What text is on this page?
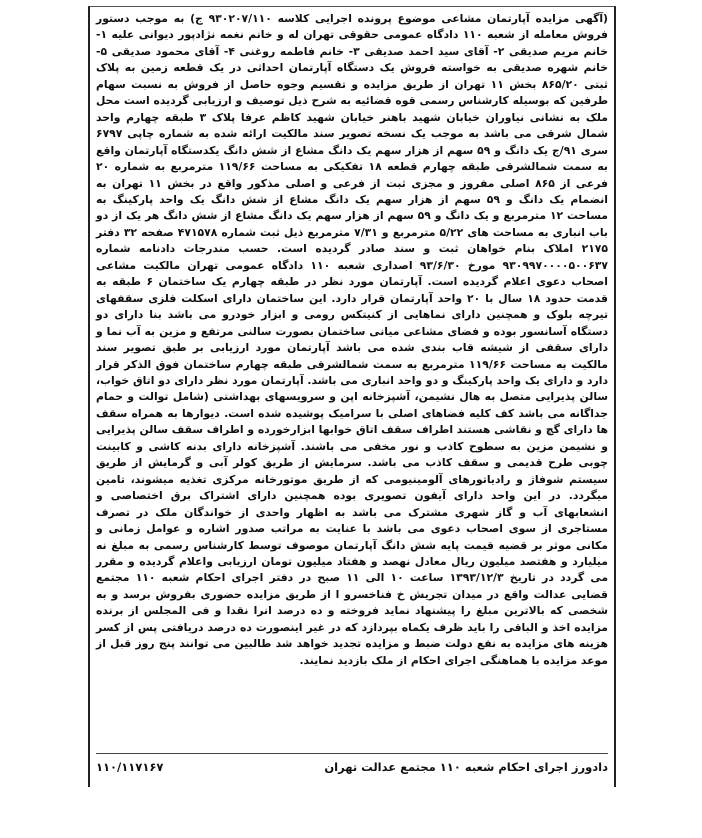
(آگهی مزایده آپارتمان مشاعی موضوع پرونده اجرایی کلاسه ۹۳۰۲۰۷/۱۱۰ ج) به موجب دستور فروش معامله از شعبه ۱۱۰ دادگاه عمومی حقوقی تهران له و خانم نغمه نژادپور دیوانی علیه ۱- خانم مریم صدیقی ۲- آقای سید احمد صدیقی ۳- خانم فاطمه روغنی ۴- آقای محمود صدیقی ۵- خانم شهره صدیقی به خواسته فروش یک دستگاه آپارتمان احداثی در یک قطعه زمین به پلاک ثبتی ۸۶۵/۲۰ بخش ۱۱ تهران از طریق مزایده و تقسیم وجوه حاصل از فروش به نسبت سهام طرفین که بوسیله کارشناس رسمی قوه قضائیه به شرح ذیل توصیف و ارزیابی گردیده است محل ملک به نشانی نیاوران خیابان شهید باهنر خیابان شهید کاظم عرفا پلاک ۳ طبقه چهارم واحد شمال شرقی می باشد به موجب یک نسخه تصویر سند مالکیت ارائه شده به شماره چاپی ۶۷۹۷ سری ۹۱/ج یک دانگ و ۵۹ سهم از هزار سهم یک دانگ مشاع از شش دانگ یکدستگاه آپارتمان واقع به سمت شمالشرقی طبقه چهارم قطعه ۱۸ تفکیکی به مساحت ۱۱۹/۶۶ مترمربع به شماره ۲۰ فرعی از ۸۶۵ اصلی مفروز و مجزی ثبت از فرعی و اصلی مذکور واقع در بخش ۱۱ تهران به انضمام یک دانگ و ۵۹ سهم از هزار سهم یک دانگ مشاع از شش دانگ یک واحد پارکینگ به مساحت ۱۲ مترمربع و یک دانگ و ۵۹ سهم از هزار سهم یک دانگ مشاع از شش دانگ هر یک از دو باب انباری به مساحت های ۵/۲۲ مترمربع و ۷/۳۱ مترمربع ذیل ثبت شماره ۴۷۱۵۷۸ صفحه ۳۲ دفتر ۲۱۷۵ املاک بنام خواهان ثبت و سند صادر گردیده است. حسب مندرجات دادنامه شماره ۹۳۰۹۹۷۰۰۰۰۵۰۰۶۳۷ مورخ ۹۳/۶/۳۰ اصداری شعبه ۱۱۰ دادگاه عمومی تهران مالکیت مشاعی اصحاب دعوی اعلام گردیده است. آپارتمان مورد نظر در طبقه چهارم یک ساختمان ۶ طبقه به قدمت حدود ۱۸ سال با ۲۰ واحد آپارتمان قرار دارد. این ساختمان دارای اسکلت فلزی سقفهای تیرچه بلوک و همچنین دارای نماهایی از کنیتکس رومی و ابزار خودرو می باشد بنا دارای دو دستگاه آسانسور بوده و فضای مشاعی میانی ساختمان بصورت سالنی مرتفع و مزین به آب نما و دارای سقفی از شیشه قاب بندی شده می باشد آپارتمان مورد ارزیابی بر طبق تصویر سند مالکیت به مساحت ۱۱۹/۶۶ مترمربع به سمت شمالشرقی طبقه چهارم ساختمان فوق الذکر قرار دارد و دارای یک واحد پارکینگ و دو واحد انباری می باشد. آپارتمان مورد نظر دارای دو اتاق خواب، سالن پذیرایی متصل به هال نشیمن، آشپزخانه اپن و سرویسهای بهداشتی (شامل توالت و حمام جداگانه می باشد کف کلیه فضاهای اصلی با سرامیک پوشیده شده است. دیوارها به همراه سقف ها دارای گچ و نقاشی هستند اطراف سقف اتاق خوابها ابزارخورده و اطراف سقف سالن پذیرایی و نشیمن مزین به سطوح کاذب و نور مخفی می باشند. آشپزخانه دارای بدنه کاشی و کابینت چوبی طرح قدیمی و سقف کاذب می باشد. سرمایش از طریق کولر آبی و گرمایش از طریق سیستم شوفاژ و رادیاتورهای آلومینیومی که از طریق موتورخانه مرکزی تغذیه میشوند، تامین میگردد. در این واحد دارای آیفون تصویری بوده همچنین دارای اشتراک برق اختصاصی و انشعابهای آب و گاز شهری مشترک می باشد به اظهار واحدی از خواندگان ملک در تصرف مستاجری از سوی اصحاب دعوی می باشد با عنایت به مراتب صدور اشاره و عوامل زمانی و مکانی موثر بر قضیه قیمت پایه شش دانگ آپارتمان موصوف توسط کارشناس رسمی به مبلغ نه میلیارد و هفتصد میلیون ریال معادل نهصد و هفتاد میلیون تومان ارزیابی واعلام گردیده و مقرر می گردد در تاریخ ۱۳۹۳/۱۲/۳ ساعت ۱۰ الی ۱۱ صبح در دفتر اجرای احکام شعبه ۱۱۰ مجتمع قضایی عدالت واقع در میدان تجریش خ فناخسرو ا از طریق مزایده حضوری بفروش برسد و به شخصی که بالاترین مبلغ را پیشنهاد نماید فروخته و ده درصد انرا نقدا و فی المجلس از برنده مزایده اخذ و الباقی را باید ظرف یکماه بپردازد که در غیر اینصورت ده درصد دریافتی پس از کسر هزینه های مزایده به نفع دولت ضبط و مزایده تجدید خواهد شد طالبین می توانند پنج روز قبل از موعد مزایده با هماهنگی اجرای احکام از ملک بازدید نمایند.

دادورز اجرای احکام شعبه ۱۱۰ مجتمع عدالت تهران
۱۱۰/۱۱۷۱۶۷
